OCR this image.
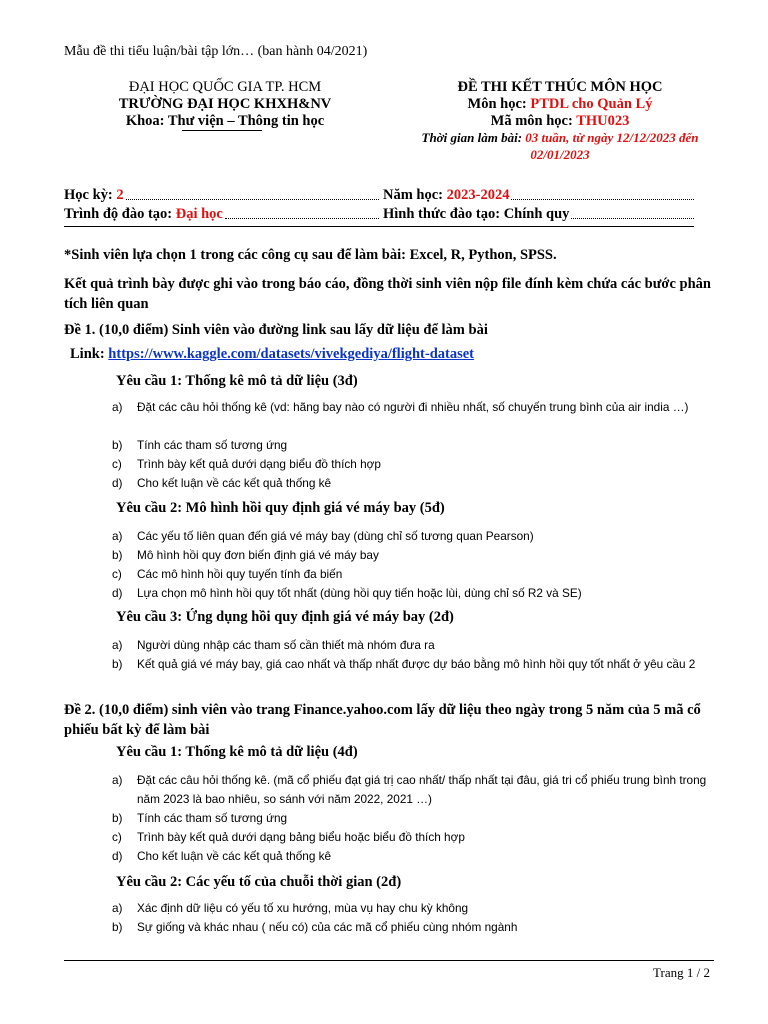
Mẫu đề thi tiểu luận/bài tập lớn… (ban hành 04/2021)
ĐẠI HỌC QUỐC GIA TP. HCM
TRƯỜNG ĐẠI HỌC KHXH&NV
Khoa: Thư viện – Thông tin học
ĐỀ THI KẾT THÚC MÔN HỌC
Môn học: PTDL cho Quản Lý
Mã môn học: THU023
Thời gian làm bài: 03 tuần, từ ngày 12/12/2023 đến
02/01/2023
Học kỳ:
2	Năm học:
2023-2024
Trình độ đào tạo:
Đại học	Hình thức đào tạo:
Chính quy
*Sinh viên lựa chọn 1 trong các công cụ sau để làm bài: Excel, R, Python, SPSS.
Kết quả trình bày được ghi vào trong báo cáo, đồng thời sinh viên nộp file đính kèm chứa các bước phân tích liên quan
Đề 1. (10,0 điểm) Sinh viên vào đường link sau lấy dữ liệu để làm bài
Link: https://www.kaggle.com/datasets/vivekgediya/flight-dataset
Yêu cầu 1: Thống kê mô tả dữ liệu (3đ)
a) Đặt các câu hỏi thống kê (vd: hãng bay nào có người đi nhiều nhất, số chuyến trung bình của air india …)
b) Tính các tham số tương ứng
c) Trình bày kết quả dưới dạng biểu đồ thích hợp
d) Cho kết luận về các kết quả thống kê
Yêu cầu 2: Mô hình hồi quy định giá vé máy bay (5đ)
a) Các yếu tố liên quan đến giá vé máy bay (dùng chỉ số tương quan Pearson)
b) Mô hình hồi quy đơn biến định giá vé máy bay
c) Các mô hình hồi quy tuyến tính đa biến
d) Lựa chọn mô hình hồi quy tốt nhất (dùng hồi quy tiến hoặc lùi, dùng chỉ số R2 và SE)
Yêu cầu 3: Ứng dụng hồi quy định giá vé máy bay (2đ)
a) Người dùng nhập các tham số cần thiết mà nhóm đưa ra
b) Kết quả giá vé máy bay, giá cao nhất và thấp nhất được dự báo bằng mô hình hồi quy tốt nhất ở yêu cầu 2
Đề 2. (10,0 điểm) sinh viên vào trang Finance.yahoo.com lấy dữ liệu theo ngày trong 5 năm của 5 mã cổ phiếu bất kỳ để làm bài
Yêu cầu 1: Thống kê mô tả dữ liệu (4đ)
a) Đặt các câu hỏi thống kê. (mã cổ phiếu đạt giá trị cao nhất/ thấp nhất tại đâu, giá tri cổ phiếu trung bình trong năm 2023 là bao nhiêu, so sánh với năm 2022, 2021 …)
b) Tính các tham số tương ứng
c) Trình bày kết quả dưới dạng bảng biểu hoặc biểu đồ thích hợp
d) Cho kết luận về các kết quả thống kê
Yêu cầu 2: Các yếu tố của chuỗi thời gian (2đ)
a) Xác định dữ liệu có yếu tố xu hướng, mùa vụ hay chu kỳ không
b) Sự giống và khác nhau ( nếu có) của các mã cổ phiếu cùng nhóm ngành
Trang 1 / 2
